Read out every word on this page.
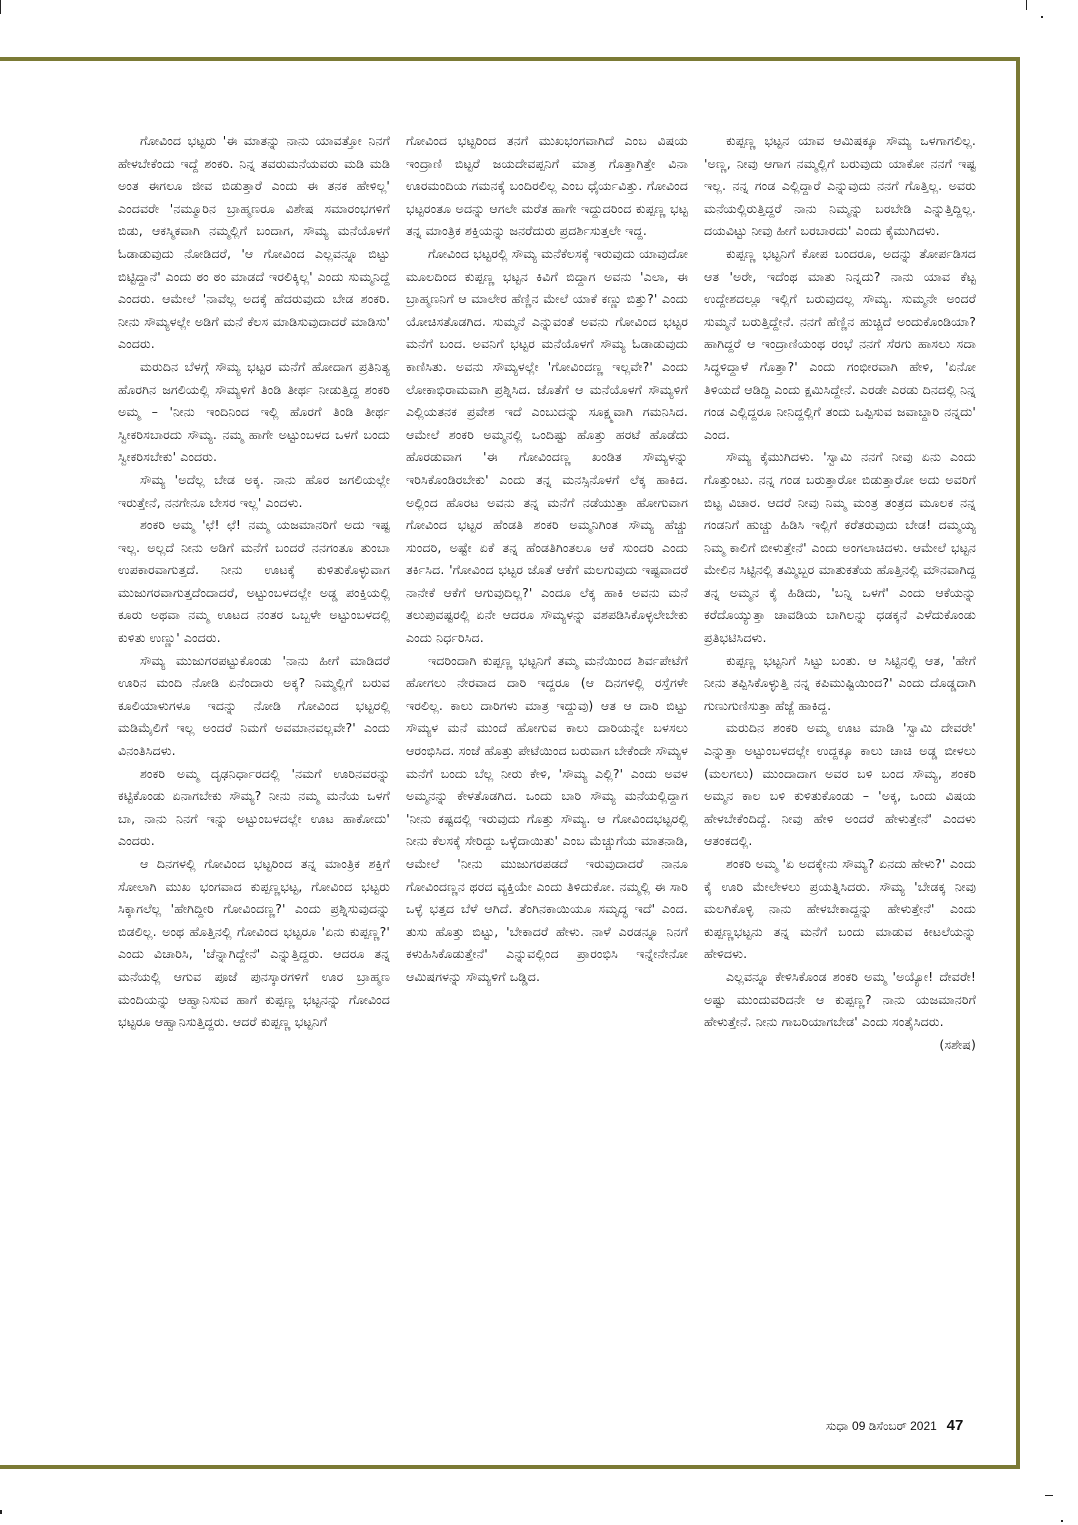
ಗೋವಿಂದ ಭಟ್ಟರು 'ಈ ಮಾತನ್ನು ನಾನು ಯಾವತ್ತೋ ನಿನಗೆ ಹೇಳಬೇಕೆಂದು ಇದ್ದೆ ಶಂಕರಿ. ನಿನ್ನ ತವರುಮನೆಯವರು ಮಡಿ ಮಡಿ ಅಂತ ಈಗಲೂ ಜೀವ ಬಿಡುತ್ತಾರೆ ಎಂದು ಈ ತನಕ ಹೇಳಿಲ್ಲ' ಎಂದವರೇ 'ನಮ್ಮೂರಿನ ಬ್ರಾಹ್ಮಣರೂ ವಿಶೇಷ ಸಮಾರಂಭಗಳಿಗೆ ಬಿಡು, ಆಕಸ್ಮಿಕವಾಗಿ ನಮ್ಮಲ್ಲಿಗೆ ಬಂದಾಗ, ಸೌಮ್ಯ ಮನೆಯೊಳಗೆ ಓಡಾಡುವುದು ನೋಡಿದರೆ, 'ಆ ಗೋವಿಂದ ಎಲ್ಲವನ್ನೂ ಬಿಟ್ಟು ಬಿಟ್ಟಿದ್ದಾನೆ' ಎಂದು ಠಂ ಠಂ ಮಾಡದೆ ಇರಲಿಕ್ಕಿಲ್ಲ' ಎಂದು ಸುಮ್ಮನಿದ್ದೆ ಎಂದರು. ಆಮೇಲೆ 'ನಾವೆಲ್ಲ ಅದಕ್ಕೆ ಹೆದರುವುದು ಬೇಡ ಶಂಕರಿ. ನೀನು ಸೌಮ್ಯಳಲ್ಲೇ ಅಡಿಗೆ ಮನೆ ಕೆಲಸ ಮಾಡಿಸುವುದಾದರೆ ಮಾಡಿಸು' ಎಂದರು.

ಮರುದಿನ ಬೆಳಗ್ಗೆ ಸೌಮ್ಯ ಭಟ್ಟರ ಮನೆಗೆ ಹೋದಾಗ ಪ್ರತಿನಿತ್ಯ ಹೊರಗಿನ ಜಗಲಿಯಲ್ಲಿ ಸೌಮ್ಯಳಿಗೆ ತಿಂಡಿ ತೀರ್ಥ ನೀಡುತ್ತಿದ್ದ ಶಂಕರಿ ಅಮ್ಮ – 'ನೀನು ಇಂದಿನಿಂದ ಇಲ್ಲಿ ಹೊರಗೆ ತಿಂಡಿ ತೀರ್ಥ ಸ್ವೀಕರಿಸಬಾರದು ಸೌಮ್ಯ. ನಮ್ಮ ಹಾಗೇ ಅಟ್ಟುಂಬಳದ ಒಳಗೆ ಬಂದು ಸ್ವೀಕರಿಸಬೇಕು' ಎಂದರು.

ಸೌಮ್ಯ 'ಅದೆಲ್ಲ ಬೇಡ ಅಕ್ಕ. ನಾನು ಹೊರ ಜಗಲಿಯಲ್ಲೇ ಇರುತ್ತೇನೆ, ನನಗೇನೂ ಬೇಸರ ಇಲ್ಲ' ಎಂದಳು.

ಶಂಕರಿ ಅಮ್ಮ 'ಛೆ! ಛೆ! ನಮ್ಮ ಯಜಮಾನರಿಗೆ ಅದು ಇಷ್ಟ ಇಲ್ಲ. ಅಲ್ಲದೆ ನೀನು ಅಡಿಗೆ ಮನೆಗೆ ಬಂದರೆ ನನಗಂತೂ ತುಂಬಾ ಉಪಕಾರವಾಗುತ್ತದೆ. ನೀನು ಊಟಕ್ಕೆ ಕುಳಿತುಕೊಳ್ಳುವಾಗ ಮುಜುಗರವಾಗುತ್ತದೆಂದಾದರೆ, ಅಟ್ಟುಂಬಳದಲ್ಲೇ ಅಡ್ಡ ಪಂಕ್ತಿಯಲ್ಲಿ ಕೂರು ಅಥವಾ ನಮ್ಮ ಊಟದ ನಂತರ ಒಬ್ಬಳೇ ಅಟ್ಟುಂಬಳದಲ್ಲಿ ಕುಳಿತು ಉಣ್ಣು' ಎಂದರು.

ಸೌಮ್ಯ ಮುಜುಗರಪಟ್ಟುಕೊಂಡು 'ನಾನು ಹೀಗೆ ಮಾಡಿದರೆ ಊರಿನ ಮಂದಿ ನೋಡಿ ಏನೆಂದಾರು ಅಕ್ಕ? ನಿಮ್ಮಲ್ಲಿಗೆ ಬರುವ ಕೂಲಿಯಾಳುಗಳೂ ಇದನ್ನು ನೋಡಿ ಗೋವಿಂದ ಭಟ್ಟರಲ್ಲಿ ಮಡಿಮೈಲಿಗೆ ಇಲ್ಲ ಅಂದರೆ ನಿಮಗೆ ಅವಮಾನವಲ್ಲವೇ?' ಎಂದು ವಿನಂತಿಸಿದಳು.

ಶಂಕರಿ ಅಮ್ಮ ದೃಢನಿರ್ಧಾರದಲ್ಲಿ 'ನಮಗೆ ಊರಿನವರನ್ನು ಕಟ್ಟಿಕೊಂಡು ಏನಾಗಬೇಕು ಸೌಮ್ಯ? ನೀನು ನಮ್ಮ ಮನೆಯ ಒಳಗೆ ಬಾ, ನಾನು ನಿನಗೆ ಇನ್ನು ಅಟ್ಟುಂಬಳದಲ್ಲೇ ಊಟ ಹಾಕೋದು' ಎಂದರು.

ಆ ದಿನಗಳಲ್ಲಿ ಗೋವಿಂದ ಭಟ್ಟರಿಂದ ತನ್ನ ಮಾಂತ್ರಿಕ ಶಕ್ತಿಗೆ ಸೋಲಾಗಿ ಮುಖ ಭಂಗವಾದ ಕುಪ್ಪಣ್ಣಭಟ್ಟ, ಗೋವಿಂದ ಭಟ್ಟರು ಸಿಕ್ಕಾಗಲೆಲ್ಲ 'ಹೇಗಿದ್ದೀರಿ ಗೋವಿಂದಣ್ಣ?' ಎಂದು ಪ್ರಶ್ನಿಸುವುದನ್ನು ಬಿಡಲಿಲ್ಲ. ಅಂಥ ಹೊತ್ತಿನಲ್ಲಿ ಗೋವಿಂದ ಭಟ್ಟರೂ 'ಏನು ಕುಪ್ಪಣ್ಣ?' ಎಂದು ವಿಚಾರಿಸಿ, 'ಚೆನ್ನಾಗಿದ್ದೇನೆ' ಎನ್ನುತ್ತಿದ್ದರು. ಆದರೂ ತನ್ನ ಮನೆಯಲ್ಲಿ ಆಗುವ ಪೂಜೆ ಪುನಸ್ಕಾರಗಳಿಗೆ ಊರ ಬ್ರಾಹ್ಮಣ ಮಂದಿಯನ್ನು ಆಹ್ವಾನಿಸುವ ಹಾಗೆ ಕುಪ್ಪಣ್ಣ ಭಟ್ಟನನ್ನು ಗೋವಿಂದ ಭಟ್ಟರೂ ಆಹ್ವಾನಿಸುತ್ತಿದ್ದರು. ಆದರೆ ಕುಪ್ಪಣ್ಣ ಭಟ್ಟನಿಗೆ

ಗೋವಿಂದ ಭಟ್ಟರಿಂದ ತನಗೆ ಮುಖಭಂಗವಾಗಿದೆ ಎಂಬ ವಿಷಯ ಇಂದ್ರಾಣಿ ಬಿಟ್ಟರೆ ಜಯದೇವಪ್ಪನಿಗೆ ಮಾತ್ರ ಗೊತ್ತಾಗಿತ್ತೇ ವಿನಾ ಊರಮಂದಿಯ ಗಮನಕ್ಕೆ ಬಂದಿರಲಿಲ್ಲ ಎಂಬ ಧೈರ್ಯವಿತ್ತು. ಗೋವಿಂದ ಭಟ್ಟರಂತೂ ಅದನ್ನು ಆಗಲೇ ಮರೆತ ಹಾಗೇ ಇದ್ದುದರಿಂದ ಕುಪ್ಪಣ್ಣ ಭಟ್ಟ ತನ್ನ ಮಾಂತ್ರಿಕ ಶಕ್ತಿಯನ್ನು ಜನರೆದುರು ಪ್ರದರ್ಶಿಸುತ್ತಲೇ ಇದ್ದ.

ಗೋವಿಂದ ಭಟ್ಟರಲ್ಲಿ ಸೌಮ್ಯ ಮನೆಕೆಲಸಕ್ಕೆ ಇರುವುದು ಯಾವುದೋ ಮೂಲದಿಂದ ಕುಪ್ಪಣ್ಣ ಭಟ್ಟನ ಕಿವಿಗೆ ಬಿದ್ದಾಗ ಅವನು 'ಎಲಾ, ಈ ಬ್ರಾಹ್ಮಣನಿಗೆ ಆ ಮಾಲೇರ ಹೆಣ್ಣಿನ ಮೇಲೆ ಯಾಕೆ ಕಣ್ಣು ಬಿತ್ತು?' ಎಂದು ಯೋಚಿಸತೊಡಗಿದ. ಸುಮ್ಮನೆ ಎನ್ನುವಂತೆ ಅವನು ಗೋವಿಂದ ಭಟ್ಟರ ಮನೆಗೆ ಬಂದ. ಅವನಿಗೆ ಭಟ್ಟರ ಮನೆಯೊಳಗೆ ಸೌಮ್ಯ ಓಡಾಡುವುದು ಕಾಣಿಸಿತು. ಅವನು ಸೌಮ್ಯಳಲ್ಲೇ 'ಗೋವಿಂದಣ್ಣ ಇಲ್ಲವೇ?' ಎಂದು ಲೋಕಾಭಿರಾಮವಾಗಿ ಪ್ರಶ್ನಿಸಿದ. ಜೊತೆಗೆ ಆ ಮನೆಯೊಳಗೆ ಸೌಮ್ಯಳಿಗೆ ಎಲ್ಲಿಯತನಕ ಪ್ರವೇಶ ಇದೆ ಎಂಬುದನ್ನು ಸೂಕ್ಷ್ಮವಾಗಿ ಗಮನಿಸಿದ. ಆಮೇಲೆ ಶಂಕರಿ ಅಮ್ಮನಲ್ಲಿ ಒಂದಿಷ್ಟು ಹೊತ್ತು ಹರಟೆ ಹೊಡೆದು ಹೊರಡುವಾಗ 'ಈ ಗೋವಿಂದಣ್ಣ ಖಂಡಿತ ಸೌಮ್ಯಳನ್ನು ಇರಿಸಿಕೊಂಡಿರಬೇಕು' ಎಂದು ತನ್ನ ಮನಸ್ಸಿನೊಳಗೆ ಲೆಕ್ಕ ಹಾಕಿದ. ಅಲ್ಲಿಂದ ಹೊರಟ ಅವನು ತನ್ನ ಮನೆಗೆ ನಡೆಯುತ್ತಾ ಹೋಗುವಾಗ ಗೋವಿಂದ ಭಟ್ಟರ ಹೆಂಡತಿ ಶಂಕರಿ ಅಮ್ಮನಿಗಿಂತ ಸೌಮ್ಯ ಹೆಚ್ಚು ಸುಂದರಿ, ಅಷ್ಟೇ ಏಕೆ ತನ್ನ ಹೆಂಡತಿಗಿಂತಲೂ ಆಕೆ ಸುಂದರಿ ಎಂದು ತರ್ಕಿಸಿದ. 'ಗೋವಿಂದ ಭಟ್ಟರ ಜೊತೆ ಆಕೆಗೆ ಮಲಗುವುದು ಇಷ್ಟವಾದರೆ ನಾನೇಕೆ ಆಕೆಗೆ ಆಗುವುದಿಲ್ಲ?' ಎಂದೂ ಲೆಕ್ಕ ಹಾಕಿ ಅವನು ಮನೆ ತಲುಪುವಷ್ಟರಲ್ಲಿ ಏನೇ ಆದರೂ ಸೌಮ್ಯಳನ್ನು ವಶಪಡಿಸಿಕೊಳ್ಳಲೇಬೇಕು ಎಂದು ನಿರ್ಧರಿಸಿದ.

ಇದರಿಂದಾಗಿ ಕುಪ್ಪಣ್ಣ ಭಟ್ಟನಿಗೆ ತಮ್ಮ ಮನೆಯಿಂದ ಶಿರ್ವಪೇಟೆಗೆ ಹೋಗಲು ನೇರವಾದ ದಾರಿ ಇದ್ದರೂ (ಆ ದಿನಗಳಲ್ಲಿ ರಸ್ತೆಗಳೇ ಇರಲಿಲ್ಲ. ಕಾಲು ದಾರಿಗಳು ಮಾತ್ರ ಇದ್ದುವು) ಆತ ಆ ದಾರಿ ಬಿಟ್ಟು ಸೌಮ್ಯಳ ಮನೆ ಮುಂದೆ ಹೋಗುವ ಕಾಲು ದಾರಿಯನ್ನೇ ಬಳಸಲು ಆರಂಭಿಸಿದ. ಸಂಜೆ ಹೊತ್ತು ಪೇಟೆಯಿಂದ ಬರುವಾಗ ಬೇಕೆಂದೇ ಸೌಮ್ಯಳ ಮನೆಗೆ ಬಂದು ಬೆಲ್ಲ ನೀರು ಕೇಳಿ, 'ಸೌಮ್ಯ ಎಲ್ಲಿ?' ಎಂದು ಅವಳ ಅಮ್ಮನನ್ನು ಕೇಳತೊಡಗಿದ. ಒಂದು ಬಾರಿ ಸೌಮ್ಯ ಮನೆಯಲ್ಲಿದ್ದಾಗ 'ನೀನು ಕಷ್ಟದಲ್ಲಿ ಇರುವುದು ಗೊತ್ತು ಸೌಮ್ಯ. ಆ ಗೋವಿಂದಭಟ್ಟರಲ್ಲಿ ನೀನು ಕೆಲಸಕ್ಕೆ ಸೇರಿದ್ದು ಒಳ್ಳೆದಾಯಿತು' ಎಂಬ ಮೆಚ್ಚುಗೆಯ ಮಾತನಾಡಿ, ಆಮೇಲೆ 'ನೀನು ಮುಜುಗರಪಡದೆ ಇರುವುದಾದರೆ ನಾನೂ ಗೋವಿಂದಣ್ಣನ ಥರದ ವ್ಯಕ್ತಿಯೇ ಎಂದು ತಿಳಿದುಕೋ. ನಮ್ಮಲ್ಲಿ ಈ ಸಾರಿ ಒಳ್ಳೆ ಭತ್ತದ ಬೆಳೆ ಆಗಿದೆ. ತೆಂಗಿನಕಾಯಿಯೂ ಸಮೃದ್ಧ ಇದೆ' ಎಂದ. ತುಸು ಹೊತ್ತು ಬಿಟ್ಟು, 'ಬೇಕಾದರೆ ಹೇಳು. ನಾಳೆ ಎರಡನ್ನೂ ನಿನಗೆ ಕಳುಹಿಸಿಕೊಡುತ್ತೇನೆ' ಎನ್ನುವಲ್ಲಿಂದ ಪ್ರಾರಂಭಿಸಿ ಇನ್ನೇನೇನೋ ಆಮಿಷಗಳನ್ನು ಸೌಮ್ಯಳಿಗೆ ಒಡ್ಡಿದ.

ಕುಪ್ಪಣ್ಣ ಭಟ್ಟನ ಯಾವ ಆಮಿಷಕ್ಕೂ ಸೌಮ್ಯ ಒಳಗಾಗಲಿಲ್ಲ. 'ಅಣ್ಣ, ನೀವು ಆಗಾಗ ನಮ್ಮಲ್ಲಿಗೆ ಬರುವುದು ಯಾಕೋ ನನಗೆ ಇಷ್ಟ ಇಲ್ಲ. ನನ್ನ ಗಂಡ ಎಲ್ಲಿದ್ದಾರೆ ಎನ್ನುವುದು ನನಗೆ ಗೊತ್ತಿಲ್ಲ. ಅವರು ಮನೆಯಲ್ಲಿರುತ್ತಿದ್ದರೆ ನಾನು ನಿಮ್ಮನ್ನು ಬರಬೇಡಿ ಎನ್ನುತ್ತಿದ್ದಿಲ್ಲ. ದಯವಿಟ್ಟು ನೀವು ಹೀಗೆ ಬರಬಾರದು' ಎಂದು ಕೈಮುಗಿದಳು.

ಕುಪ್ಪಣ್ಣ ಭಟ್ಟನಿಗೆ ಕೋಪ ಬಂದರೂ, ಅದನ್ನು ತೋರ್ಪಡಿಸದ ಆತ 'ಅರೇ, ಇದೆಂಥ ಮಾತು ನಿನ್ನದು? ನಾನು ಯಾವ ಕೆಟ್ಟ ಉದ್ದೇಶದಲ್ಲೂ ಇಲ್ಲಿಗೆ ಬರುವುದಲ್ಲ ಸೌಮ್ಯ. ಸುಮ್ಮನೇ ಅಂದರೆ ಸುಮ್ಮನೆ ಬರುತ್ತಿದ್ದೇನೆ. ನನಗೆ ಹೆಣ್ಣಿನ ಹುಚ್ಚಿದೆ ಅಂದುಕೊಂಡಿಯಾ? ಹಾಗಿದ್ದರೆ ಆ ಇಂದ್ರಾಣಿಯಂಥ ರಂಭೆ ನನಗೆ ಸೆರಗು ಹಾಸಲು ಸದಾ ಸಿದ್ಧಳಿದ್ದಾಳೆ ಗೊತ್ತಾ?' ಎಂದು ಗಂಭೀರವಾಗಿ ಹೇಳಿ, 'ಏನೋ ತಿಳಿಯದೆ ಆಡಿದ್ದಿ ಎಂದು ಕ್ಷಮಿಸಿದ್ದೇನೆ. ಎರಡೇ ಎರಡು ದಿನದಲ್ಲಿ ನಿನ್ನ ಗಂಡ ಎಲ್ಲಿದ್ದರೂ ನೀನಿದ್ದಲ್ಲಿಗೆ ತಂದು ಒಪ್ಪಿಸುವ ಜವಾಬ್ದಾರಿ ನನ್ನದು' ಎಂದ.

ಸೌಮ್ಯ ಕೈಮುಗಿದಳು. 'ಸ್ವಾಮಿ ನನಗೆ ನೀವು ಏನು ಎಂದು ಗೊತ್ತುಂಟು. ನನ್ನ ಗಂಡ ಬರುತ್ತಾರೋ ಬಿಡುತ್ತಾರೋ ಅದು ಅವರಿಗೆ ಬಿಟ್ಟ ವಿಚಾರ. ಆದರೆ ನೀವು ನಿಮ್ಮ ಮಂತ್ರ ತಂತ್ರದ ಮೂಲಕ ನನ್ನ ಗಂಡನಿಗೆ ಹುಚ್ಚು ಹಿಡಿಸಿ ಇಲ್ಲಿಗೆ ಕರೆತರುವುದು ಬೇಡ! ದಮ್ಮಯ್ಯ ನಿಮ್ಮ ಕಾಲಿಗೆ ಬೀಳುತ್ತೇನೆ' ಎಂದು ಅಂಗಲಾಚಿದಳು. ಆಮೇಲೆ ಭಟ್ಟನ ಮೇಲಿನ ಸಿಟ್ಟಿನಲ್ಲಿ ತಮ್ಮಿಬ್ಬರ ಮಾತುಕತೆಯ ಹೊತ್ತಿನಲ್ಲಿ ಮೌನವಾಗಿದ್ದ ತನ್ನ ಅಮ್ಮನ ಕೈ ಹಿಡಿದು, 'ಬನ್ನಿ ಒಳಗೆ' ಎಂದು ಆಕೆಯನ್ನು ಕರೆದೊಯ್ಯುತ್ತಾ ಚಾವಡಿಯ ಬಾಗಿಲನ್ನು ಧಡಕ್ಕನೆ ಎಳೆದುಕೊಂಡು ಪ್ರತಿಭಟಿಸಿದಳು.

ಕುಪ್ಪಣ್ಣ ಭಟ್ಟನಿಗೆ ಸಿಟ್ಟು ಬಂತು. ಆ ಸಿಟ್ಟಿನಲ್ಲಿ ಆತ, 'ಹೇಗೆ ನೀನು ತಪ್ಪಿಸಿಕೊಳ್ಳುತ್ತಿ ನನ್ನ ಕಪಿಮುಷ್ಟಿಯಿಂದ?' ಎಂದು ದೊಡ್ಡದಾಗಿ ಗುಣುಗುಣಿಸುತ್ತಾ ಹೆಜ್ಜೆ ಹಾಕಿದ್ದ.

ಮರುದಿನ ಶಂಕರಿ ಅಮ್ಮ ಊಟ ಮಾಡಿ 'ಸ್ವಾಮಿ ದೇವರೇ' ಎನ್ನುತ್ತಾ ಅಟ್ಟುಂಬಳದಲ್ಲೇ ಉದ್ದಕ್ಕೂ ಕಾಲು ಚಾಚಿ ಅಡ್ಡ ಬೀಳಲು (ಮಲಗಲು) ಮುಂದಾದಾಗ ಅವರ ಬಳಿ ಬಂದ ಸೌಮ್ಯ, ಶಂಕರಿ ಅಮ್ಮನ ಕಾಲ ಬಳಿ ಕುಳಿತುಕೊಂಡು – 'ಅಕ್ಕ, ಒಂದು ವಿಷಯ ಹೇಳಬೇಕೆಂದಿದ್ದೆ. ನೀವು ಹೇಳಿ ಅಂದರೆ ಹೇಳುತ್ತೇನೆ' ಎಂದಳು ಆತಂಕದಲ್ಲಿ.

ಶಂಕರಿ ಅಮ್ಮ 'ಏ ಅದಕ್ಕೇನು ಸೌಮ್ಯ? ಏನದು ಹೇಳು?' ಎಂದು ಕೈ ಊರಿ ಮೇಲೇಳಲು ಪ್ರಯತ್ನಿಸಿದರು. ಸೌಮ್ಯ 'ಬೇಡಕ್ಕ ನೀವು ಮಲಗಿಕೊಳ್ಳಿ ನಾನು ಹೇಳಬೇಕಾದ್ದನ್ನು ಹೇಳುತ್ತೇನೆ' ಎಂದು ಕುಪ್ಪಣ್ಣಭಟ್ಟನು ತನ್ನ ಮನೆಗೆ ಬಂದು ಮಾಡುವ ಕೀಟಲೆಯನ್ನು ಹೇಳಿದಳು.

ಎಲ್ಲವನ್ನೂ ಕೇಳಿಸಿಕೊಂಡ ಶಂಕರಿ ಅಮ್ಮ 'ಅಯ್ಯೋ! ದೇವರೇ! ಅಷ್ಟು ಮುಂದುವರಿದನೇ ಆ ಕುಪ್ಪಣ್ಣ? ನಾನು ಯಜಮಾನರಿಗೆ ಹೇಳುತ್ತೇನೆ. ನೀನು ಗಾಬರಿಯಾಗಬೇಡ' ಎಂದು ಸಂತೈಸಿದರು.

(ಸಶೇಷ)
ಸುಧಾ 09 ಡಿಸೆಂಬರ್ 2021 47
